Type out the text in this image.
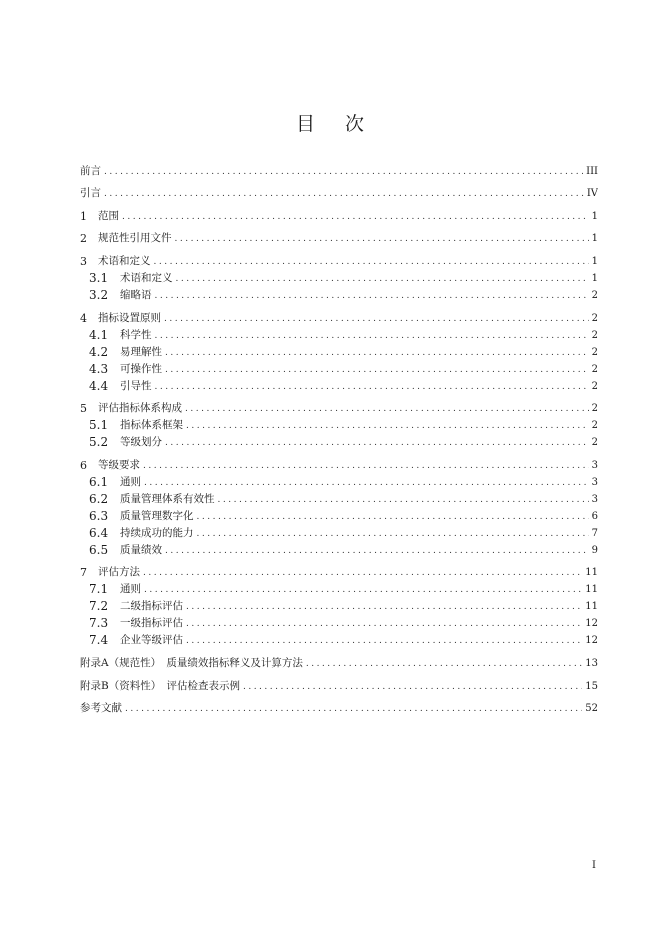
目 次
前言 .....	III
引言 .....	IV
1	范围 .....	1
2	规范性引用文件 .....	1
3	术语和定义 .....	1
3.1	术语和定义 .....	1
3.2	缩略语 .....	2
4	指标设置原则 .....	2
4.1	科学性 .....	2
4.2	易理解性 .....	2
4.3	可操作性 .....	2
4.4	引导性 .....	2
5	评估指标体系构成 .....	2
5.1	指标体系框架 .....	2
5.2	等级划分 .....	2
6	等级要求 .....	3
6.1	通则 .....	3
6.2	质量管理体系有效性 .....	3
6.3	质量管理数字化 .....	6
6.4	持续成功的能力 .....	7
6.5	质量绩效 .....	9
7	评估方法 .....	11
7.1	通则 .....	11
7.2	二级指标评估 .....	11
7.3	一级指标评估 .....	12
7.4	企业等级评估 .....	12
附录A（规范性）　质量绩效指标释义及计算方法 .....	13
附录B（资料性）　评估检查表示例 .....	15
参考文献 .....	52
I
